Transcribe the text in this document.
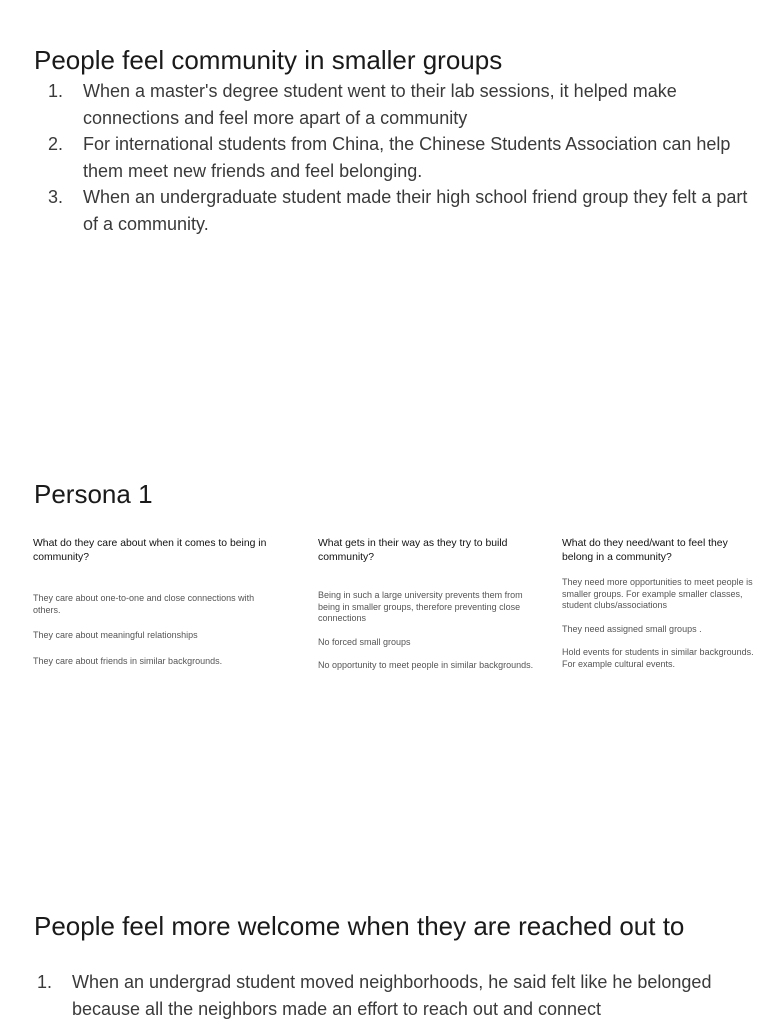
People feel community in smaller groups
1. When a master's degree student went to their lab sessions, it helped make connections and feel more apart of a community
2. For international students from China, the Chinese Students Association can help them meet new friends and feel belonging.
3. When an undergraduate student made their high school friend group they felt a part of a community.
Persona 1

What do they care about when it comes to being in community?

They care about one-to-one and close connections with others.

They care about meaningful relationships

They care about friends in similar backgrounds.

What gets in their way as they try to build community?

Being in such a large university prevents them from being in smaller groups, therefore preventing close connections

No forced small groups

No opportunity to meet people in similar backgrounds.

What do they need/want to feel they belong in a community?

They need more opportunities to meet people is smaller groups. For example smaller classes, student clubs/associations

They need assigned small groups .

Hold events for students in similar backgrounds. For example cultural events.

People feel more welcome when they are reached out to
1. When an undergrad student moved neighborhoods, he said felt like he belonged because all the neighbors made an effort to reach out and connect
